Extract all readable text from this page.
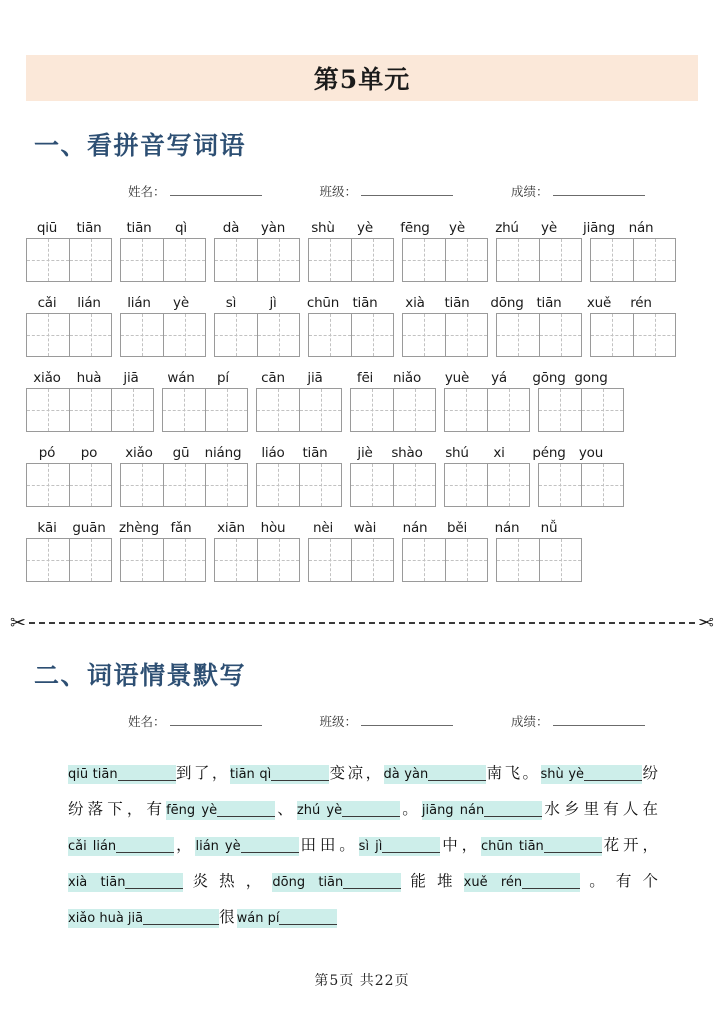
第5单元
一、看拼音写词语
姓名：	班级：	成绩：
qiū	tiān	tiān	qì	dà	yàn	shù	yè	fēng	yè	zhú	yè	jiāng	nán
cǎi	lián	lián	yè	sì	jì	chūn tiān	xià	tiān	dōng tiān	xuě	rén
xiǎo	huà	jiā	wán	pí	cān	jiā	fēi	niǎo	yuè	yá	gōng gong
pó	po	xiǎo	gū	niáng	liáo	tiān	jiè	shào	shú	xi	péng you
kāi	guān zhèng fǎn	xiān	hòu	nèi	wài	nán	běi	nán	nǚ
✂	✂
二、词语情景默写
姓名：	班级：	成绩：
qiū tiān	到了，tiān qì	变凉，dà yàn	南飞。shù yè	纷纷落下，有fēng yè	、zhú yè	。jiāng nán	水乡里有人在cǎi lián	，lián yè	田田。sì jì	中，chūn tiān	花开，xià tiān	炎热，dōng tiān	能堆xuě rén	。有个xiǎo huà jiā	很wán pí
第5页 共22页
